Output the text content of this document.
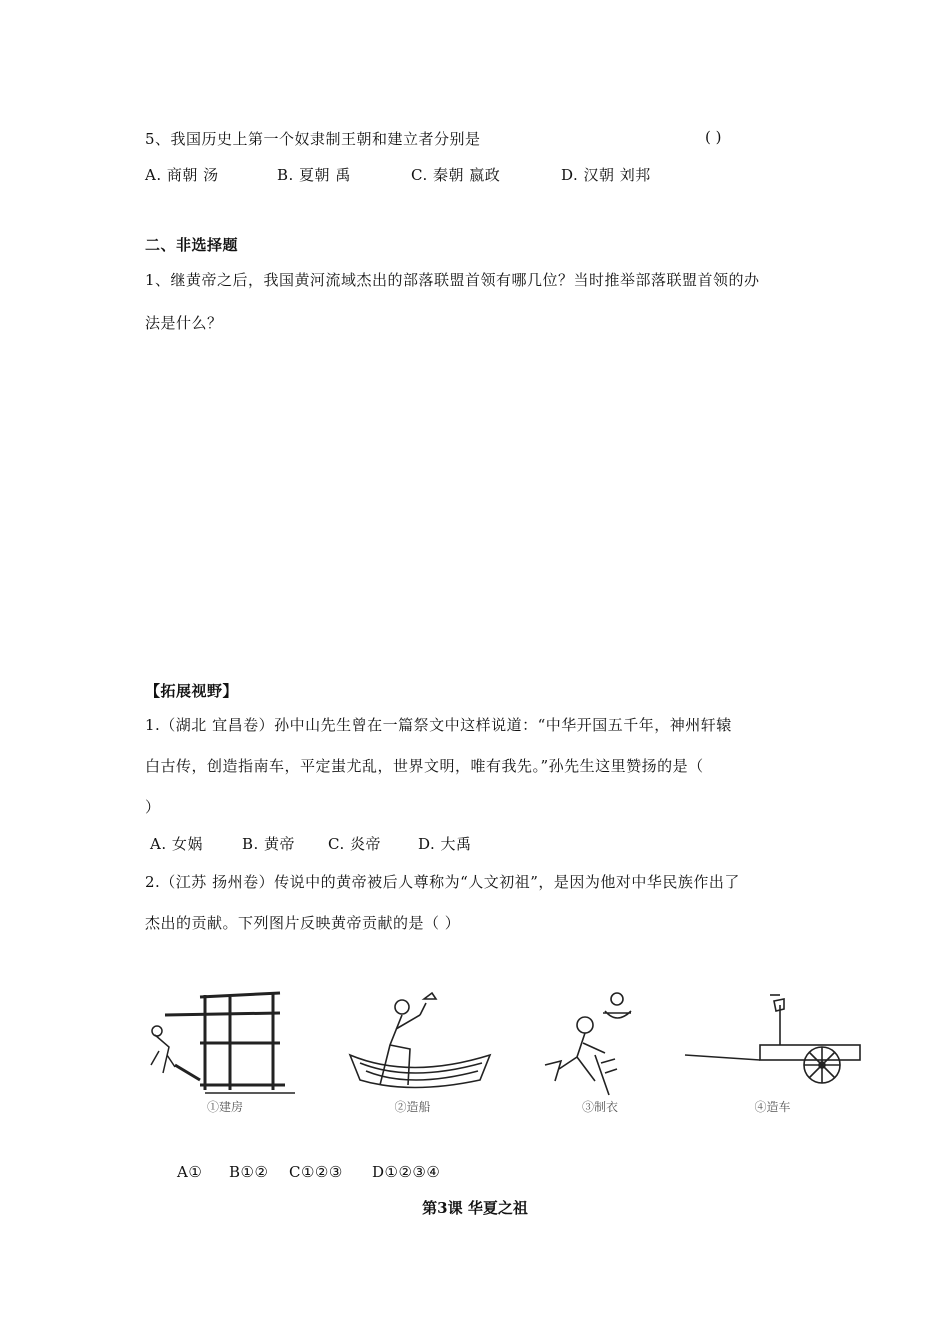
5、我国历史上第一个奴隶制王朝和建立者分别是	( )
A. 商朝 汤	B. 夏朝 禹	C. 秦朝 嬴政	D. 汉朝 刘邦
二、非选择题
1、继黄帝之后，我国黄河流域杰出的部落联盟首领有哪几位？当时推举部落联盟首领的办
法是什么？
【拓展视野】
1.（湖北 宜昌卷）孙中山先生曾在一篇祭文中这样说道：“中华开国五千年，神州轩辕
白古传，创造指南车，平定蚩尤乱，世界文明，唯有我先。”孙先生这里赞扬的是（
）
A. 女娲	B. 黄帝 C. 炎帝 D. 大禹
2.（江苏 扬州卷）传说中的黄帝被后人尊称为“人文初祖”，是因为他对中华民族作出了
杰出的贡献。下列图片反映黄帝贡献的是（ ）
①建房	②造船	③制衣	④造车
A① B①② C①②③ D①②③④
第3课 华夏之祖
